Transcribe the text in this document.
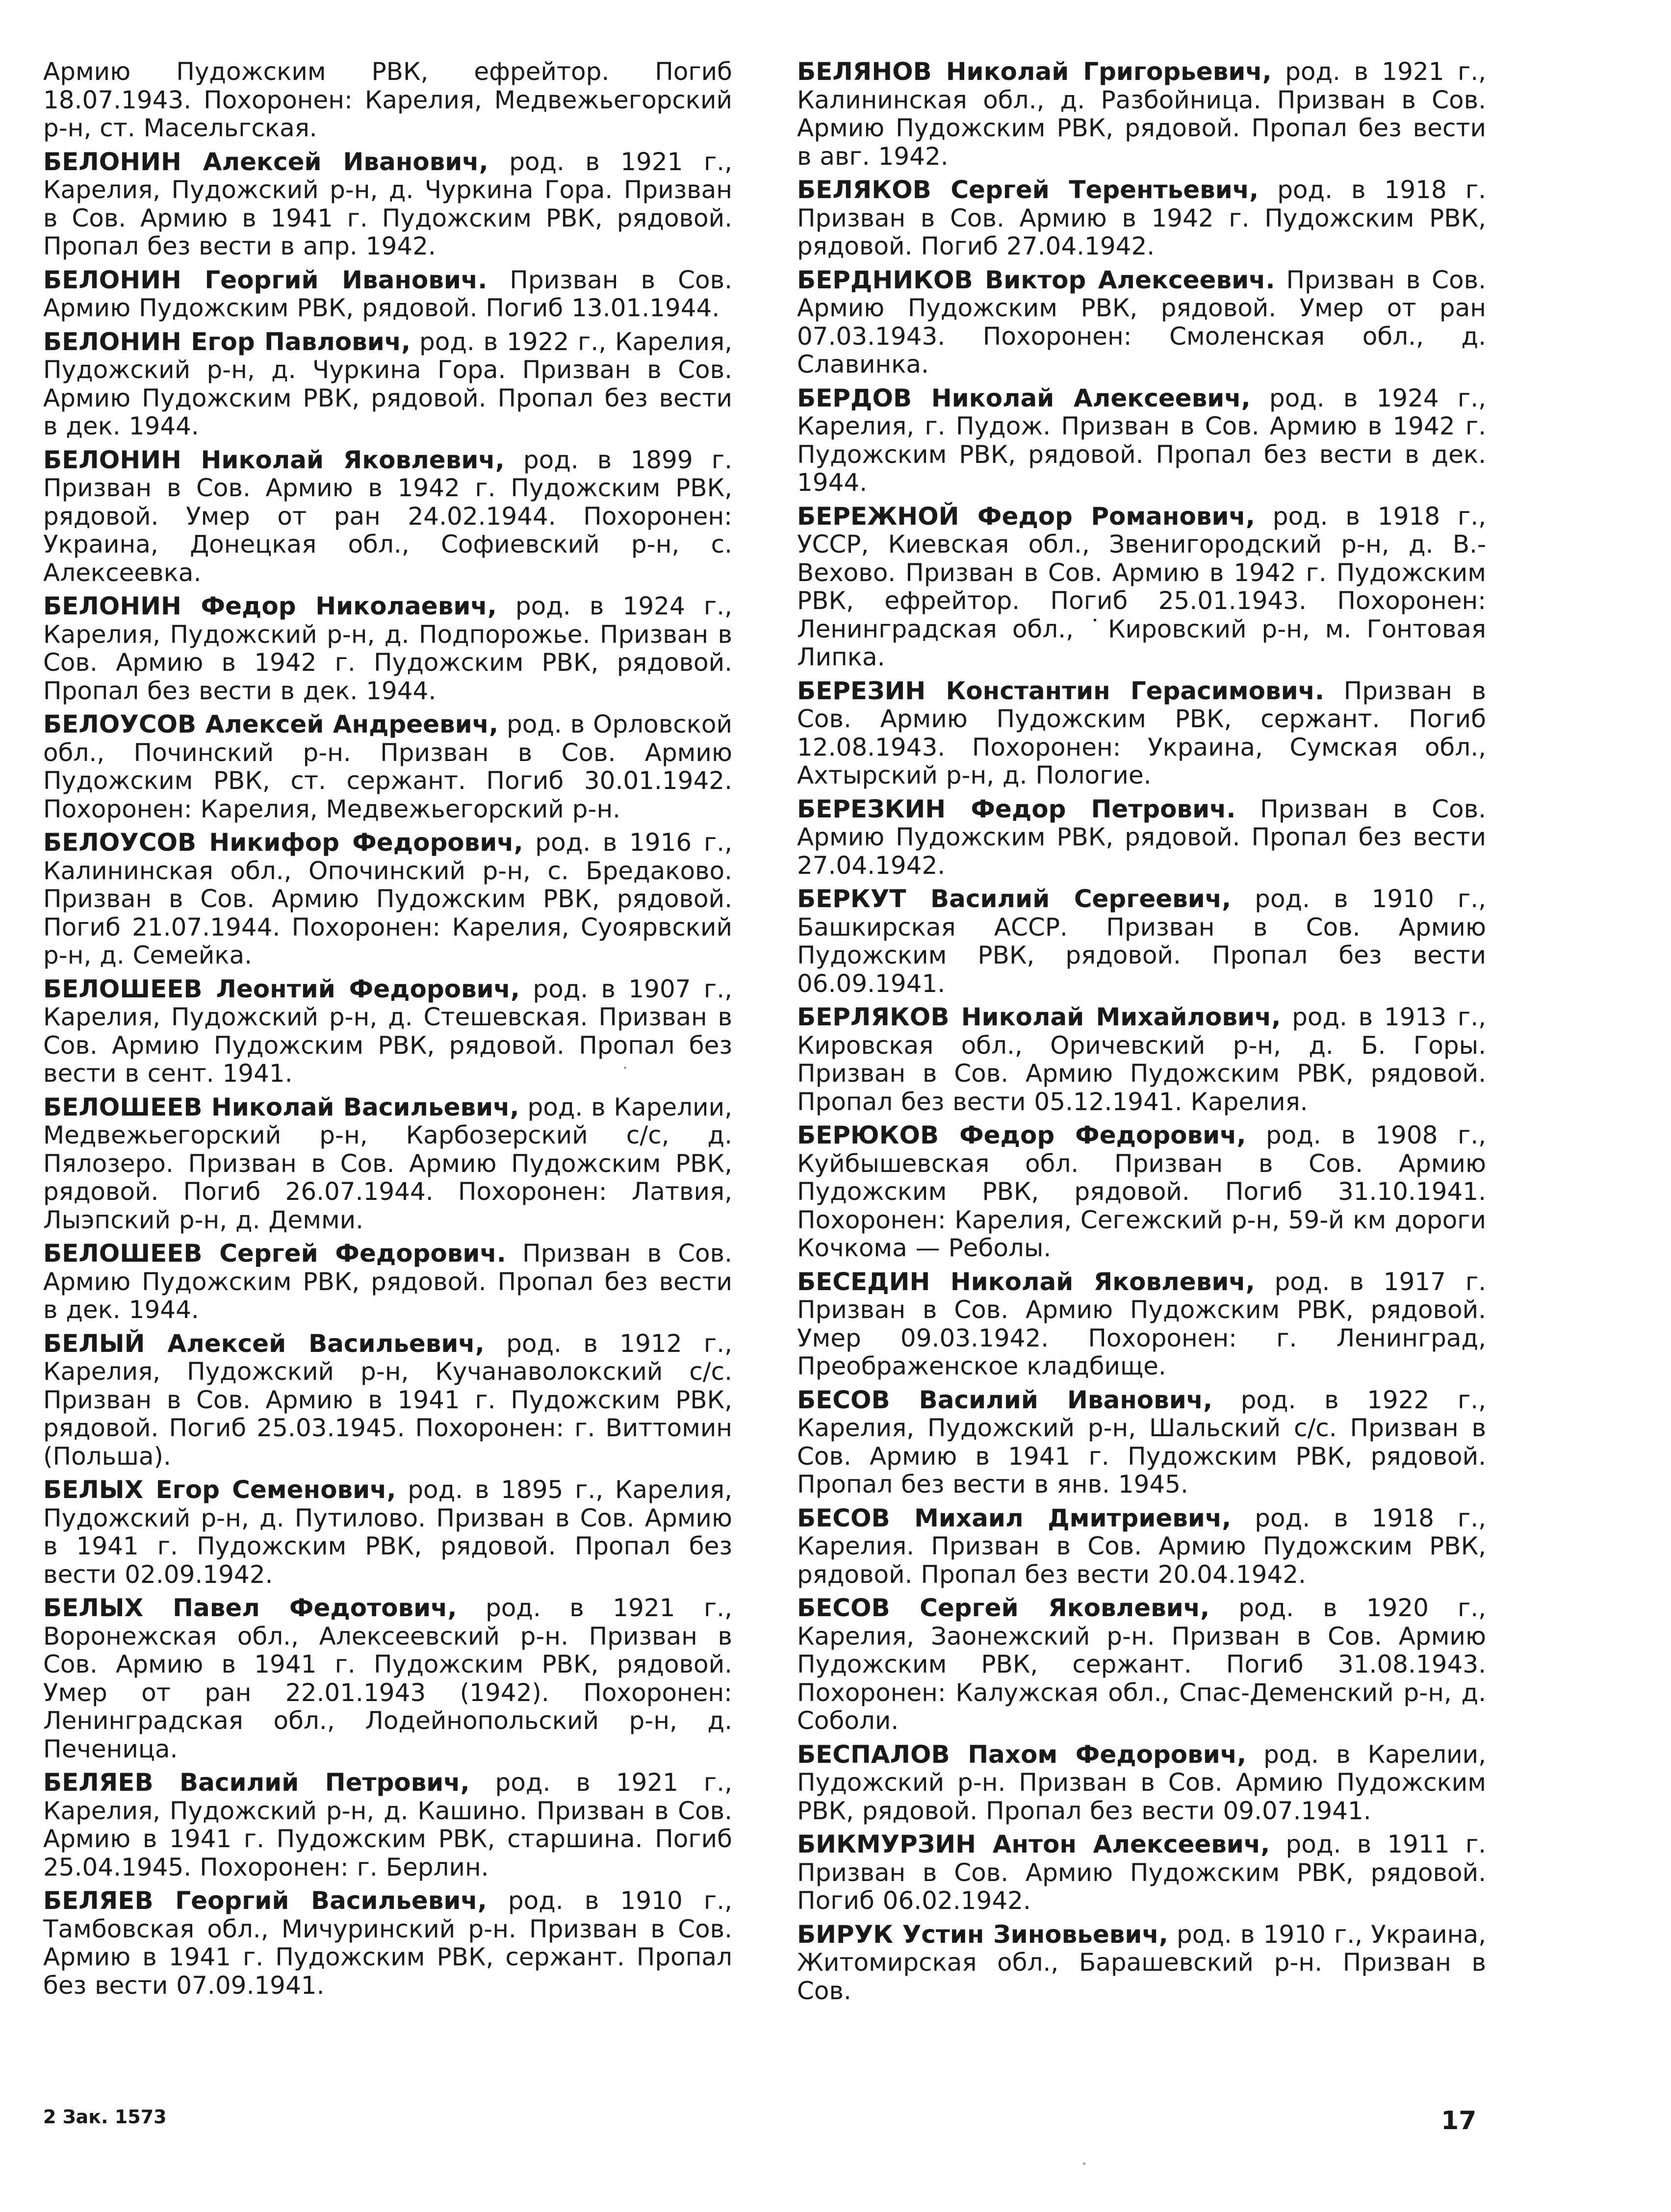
Армию Пудожским РВК, ефрейтор. Погиб 18.07.1943. Похоронен: Карелия, Медвежьегорский р-н, ст. Масельгская.

БЕЛОНИН Алексей Иванович, род. в 1921 г., Карелия, Пудожский р-н, д. Чуркина Гора. Призван в Сов. Армию в 1941 г. Пудожским РВК, рядовой. Пропал без вести в апр. 1942.

БЕЛОНИН Георгий Иванович. Призван в Сов. Армию Пудожским РВК, рядовой. Погиб 13.01.1944.

БЕЛОНИН Егор Павлович, род. в 1922 г., Карелия, Пудожский р-н, д. Чуркина Гора. Призван в Сов. Армию Пудожским РВК, рядовой. Пропал без вести в дек. 1944.

БЕЛОНИН Николай Яковлевич, род. в 1899 г. Призван в Сов. Армию в 1942 г. Пудожским РВК, рядовой. Умер от ран 24.02.1944. Похоронен: Украина, Донецкая обл., Софиевский р-н, с. Алексеевка.

БЕЛОНИН Федор Николаевич, род. в 1924 г., Карелия, Пудожский р-н, д. Подпорожье. Призван в Сов. Армию в 1942 г. Пудожским РВК, рядовой. Пропал без вести в дек. 1944.

БЕЛОУСОВ Алексей Андреевич, род. в Орловской обл., Починский р-н. Призван в Сов. Армию Пудожским РВК, ст. сержант. Погиб 30.01.1942. Похоронен: Карелия, Медвежьегорский р-н.

БЕЛОУСОВ Никифор Федорович, род. в 1916 г., Калининская обл., Опочинский р-н, с. Бредаково. Призван в Сов. Армию Пудожским РВК, рядовой. Погиб 21.07.1944. Похоронен: Карелия, Суоярвский р-н, д. Семейка.

БЕЛОШЕЕВ Леонтий Федорович, род. в 1907 г., Карелия, Пудожский р-н, д. Стешевская. Призван в Сов. Армию Пудожским РВК, рядовой. Пропал без вести в сент. 1941.

БЕЛОШЕЕВ Николай Васильевич, род. в Карелии, Медвежьегорский р-н, Карбозерский с/с, д. Пялозеро. Призван в Сов. Армию Пудожским РВК, рядовой. Погиб 26.07.1944. Похоронен: Латвия, Лыэпский р-н, д. Демми.

БЕЛОШЕЕВ Сергей Федорович. Призван в Сов. Армию Пудожским РВК, рядовой. Пропал без вести в дек. 1944.

БЕЛЫЙ Алексей Васильевич, род. в 1912 г., Карелия, Пудожский р-н, Кучанаволокский с/с. Призван в Сов. Армию в 1941 г. Пудожским РВК, рядовой. Погиб 25.03.1945. Похоронен: г. Виттомин (Польша).

БЕЛЫХ Егор Семенович, род. в 1895 г., Карелия, Пудожский р-н, д. Путилово. Призван в Сов. Армию в 1941 г. Пудожским РВК, рядовой. Пропал без вести 02.09.1942.

БЕЛЫХ Павел Федотович, род. в 1921 г., Воронежская обл., Алексеевский р-н. Призван в Сов. Армию в 1941 г. Пудожским РВК, рядовой. Умер от ран 22.01.1943 (1942). Похоронен: Ленинградская обл., Лодейнопольский р-н, д. Печеница.

БЕЛЯЕВ Василий Петрович, род. в 1921 г., Карелия, Пудожский р-н, д. Кашино. Призван в Сов. Армию в 1941 г. Пудожским РВК, старшина. Погиб 25.04.1945. Похоронен: г. Берлин.

БЕЛЯЕВ Георгий Васильевич, род. в 1910 г., Тамбовская обл., Мичуринский р-н. Призван в Сов. Армию в 1941 г. Пудожским РВК, сержант. Пропал без вести 07.09.1941.

БЕЛЯНОВ Николай Григорьевич, род. в 1921 г., Калининская обл., д. Разбойница. Призван в Сов. Армию Пудожским РВК, рядовой. Пропал без вести в авг. 1942.

БЕЛЯКОВ Сергей Терентьевич, род. в 1918 г. Призван в Сов. Армию в 1942 г. Пудожским РВК, рядовой. Погиб 27.04.1942.

БЕРДНИКОВ Виктор Алексеевич. Призван в Сов. Армию Пудожским РВК, рядовой. Умер от ран 07.03.1943. Похоронен: Смоленская обл., д. Славинка.

БЕРДОВ Николай Алексеевич, род. в 1924 г., Карелия, г. Пудож. Призван в Сов. Армию в 1942 г. Пудожским РВК, рядовой. Пропал без вести в дек. 1944.

БЕРЕЖНОЙ Федор Романович, род. в 1918 г., УССР, Киевская обл., Звенигородский р-н, д. В.-Вехово. Призван в Сов. Армию в 1942 г. Пудожским РВК, ефрейтор. Погиб 25.01.1943. Похоронен: Ленинградская обл., ˙Кировский р-н, м. Гонтовая Липка.

БЕРЕЗИН Константин Герасимович. Призван в Сов. Армию Пудожским РВК, сержант. Погиб 12.08.1943. Похоронен: Украина, Сумская обл., Ахтырский р-н, д. Пологие.

БЕРЕЗКИН Федор Петрович. Призван в Сов. Армию Пудожским РВК, рядовой. Пропал без вести 27.04.1942.

БЕРКУТ Василий Сергеевич, род. в 1910 г., Башкирская АССР. Призван в Сов. Армию Пудожским РВК, рядовой. Пропал без вести 06.09.1941.

БЕРЛЯКОВ Николай Михайлович, род. в 1913 г., Кировская обл., Оричевский р-н, д. Б. Горы. Призван в Сов. Армию Пудожским РВК, рядовой. Пропал без вести 05.12.1941. Карелия.

БЕРЮКОВ Федор Федорович, род. в 1908 г., Куйбышевская обл. Призван в Сов. Армию Пудожским РВК, рядовой. Погиб 31.10.1941. Похоронен: Карелия, Сегежский р-н, 59-й км дороги Кочкома — Реболы.

БЕСЕДИН Николай Яковлевич, род. в 1917 г. Призван в Сов. Армию Пудожским РВК, рядовой. Умер 09.03.1942. Похоронен: г. Ленинград, Преображенское кладбище.

БЕСОВ Василий Иванович, род. в 1922 г., Карелия, Пудожский р-н, Шальский с/с. Призван в Сов. Армию в 1941 г. Пудожским РВК, рядовой. Пропал без вести в янв. 1945.

БЕСОВ Михаил Дмитриевич, род. в 1918 г., Карелия. Призван в Сов. Армию Пудожским РВК, рядовой. Пропал без вести 20.04.1942.

БЕСОВ Сергей Яковлевич, род. в 1920 г., Карелия, Заонежский р-н. Призван в Сов. Армию Пудожским РВК, сержант. Погиб 31.08.1943. Похоронен: Калужская обл., Спас-Деменский р-н, д. Соболи.

БЕСПАЛОВ Пахом Федорович, род. в Карелии, Пудожский р-н. Призван в Сов. Армию Пудожским РВК, рядовой. Пропал без вести 09.07.1941.

БИКМУРЗИН Антон Алексеевич, род. в 1911 г. Призван в Сов. Армию Пудожским РВК, рядовой. Погиб 06.02.1942.

БИРУК Устин Зиновьевич, род. в 1910 г., Украина, Житомирская обл., Барашевский р-н. Призван в Сов.

2 Зак. 1573	17
